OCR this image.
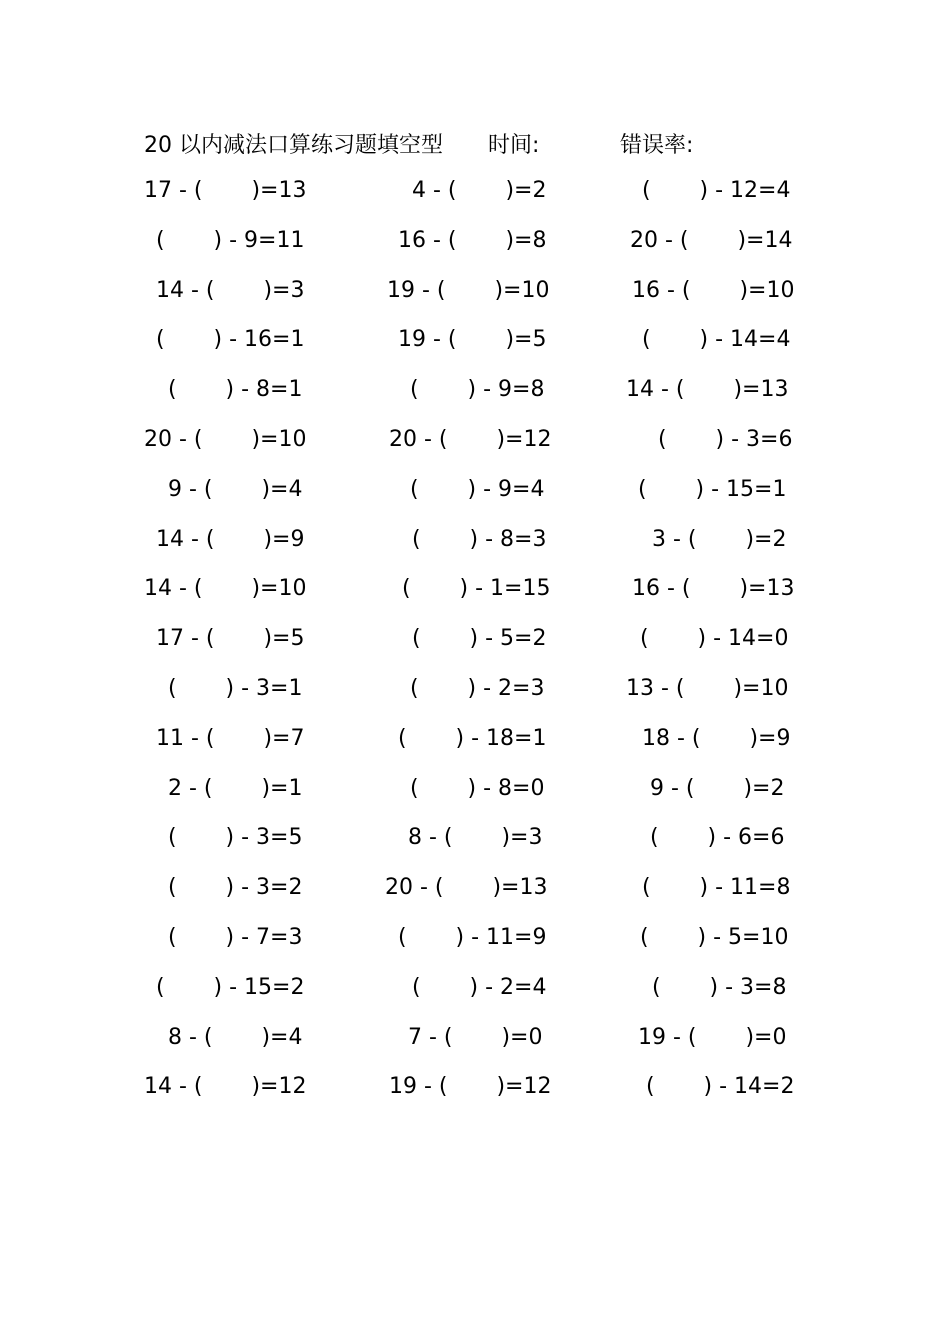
20 以内减法口算练习题填空型

时间:

	错误率:

17 - (       )=13	4 - (       )=2	(       ) - 12=4
(       ) - 9=11	16 - (       )=8	20 - (       )=14
14 - (       )=3	19 - (       )=10	16 - (       )=10
(       ) - 16=1	19 - (       )=5	(       ) - 14=4
(       ) - 8=1	(       ) - 9=8	14 - (       )=13
20 - (       )=10	20 - (       )=12	(       ) - 3=6
9 - (       )=4	(       ) - 9=4	(       ) - 15=1
14 - (       )=9	(       ) - 8=3	3 - (       )=2
14 - (       )=10	(       ) - 1=15	16 - (       )=13
17 - (       )=5	(       ) - 5=2	(       ) - 14=0
(       ) - 3=1	(       ) - 2=3	13 - (       )=10
11 - (       )=7	(       ) - 18=1	18 - (       )=9
2 - (       )=1	(       ) - 8=0	9 - (       )=2
(       ) - 3=5	8 - (       )=3	(       ) - 6=6
(       ) - 3=2	20 - (       )=13	(       ) - 11=8
(       ) - 7=3	(       ) - 11=9	(       ) - 5=10
(       ) - 15=2	(       ) - 2=4	(       ) - 3=8
8 - (       )=4	7 - (       )=0	19 - (       )=0
14 - (       )=12	19 - (       )=12	(       ) - 14=2
